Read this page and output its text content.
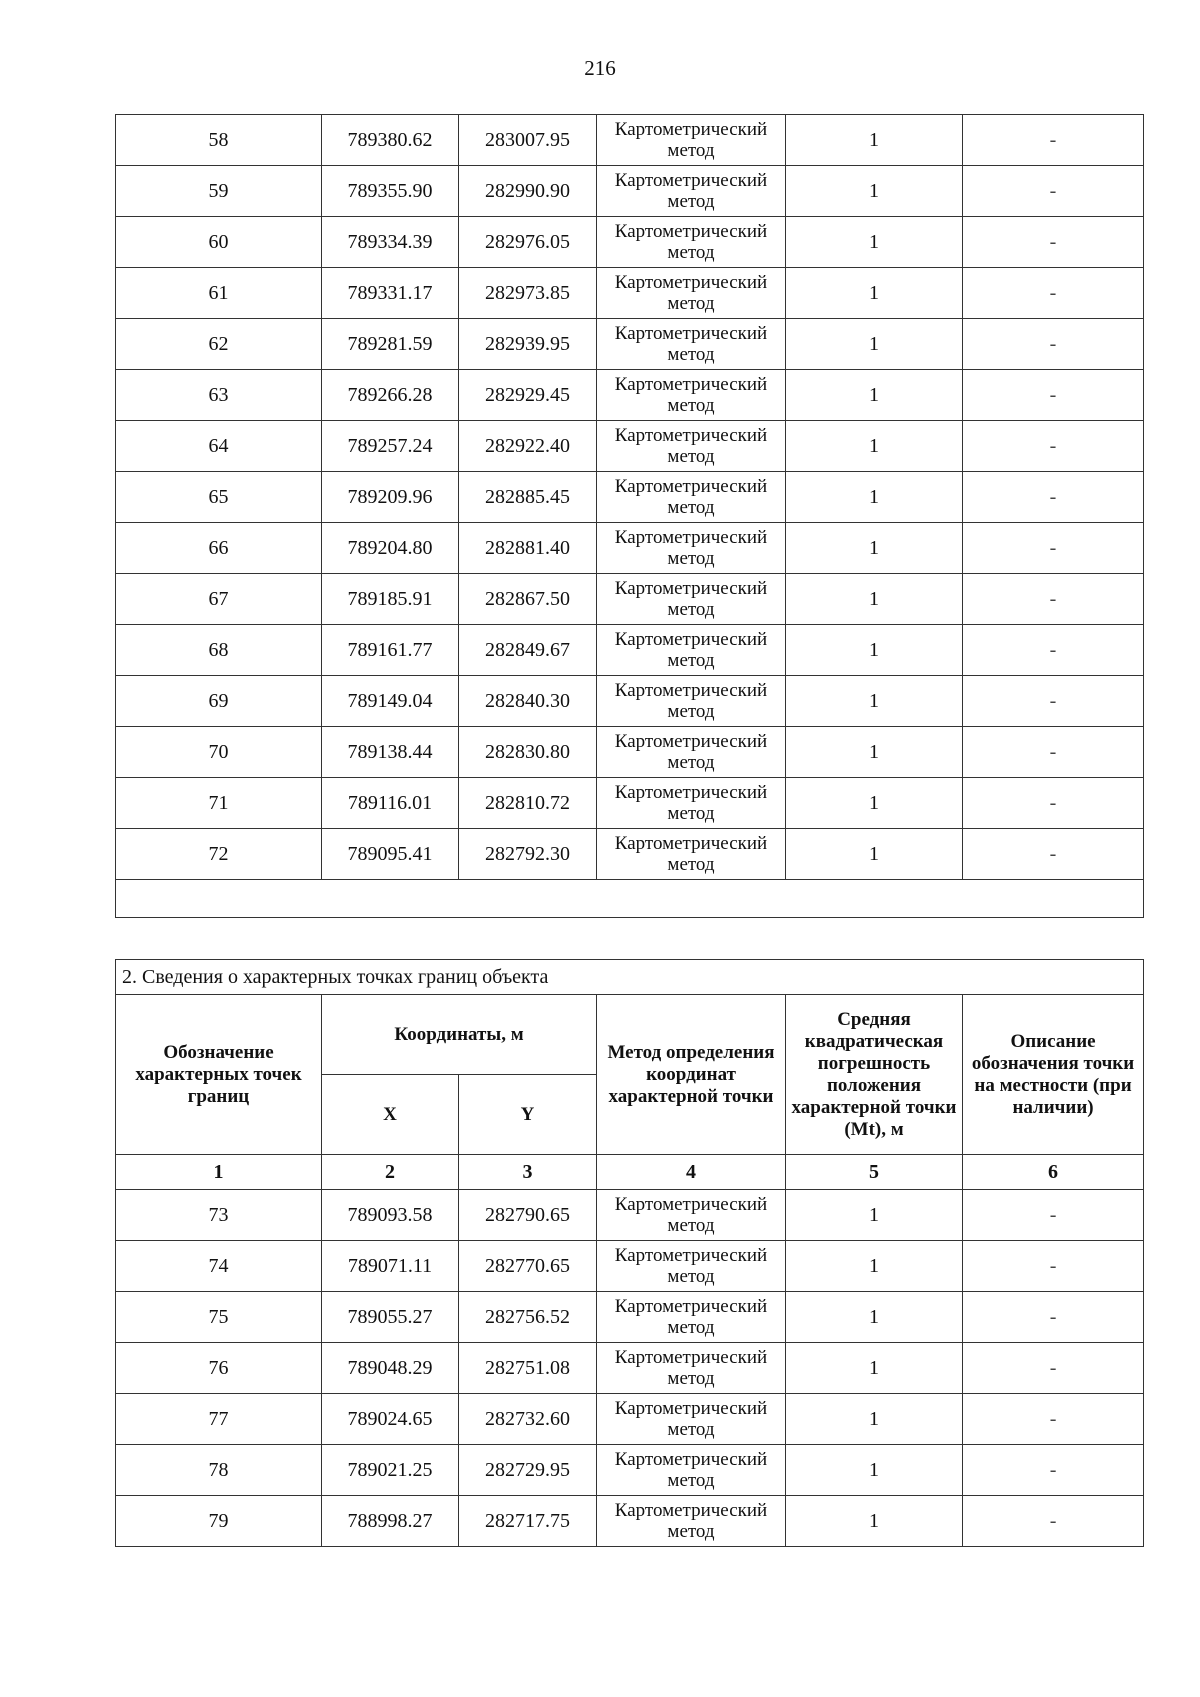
216
58	789380.62	283007.95	Картометрический метод	1	-
59	789355.90	282990.90	Картометрический метод	1	-
60	789334.39	282976.05	Картометрический метод	1	-
61	789331.17	282973.85	Картометрический метод	1	-
62	789281.59	282939.95	Картометрический метод	1	-
63	789266.28	282929.45	Картометрический метод	1	-
64	789257.24	282922.40	Картометрический метод	1	-
65	789209.96	282885.45	Картометрический метод	1	-
66	789204.80	282881.40	Картометрический метод	1	-
67	789185.91	282867.50	Картометрический метод	1	-
68	789161.77	282849.67	Картометрический метод	1	-
69	789149.04	282840.30	Картометрический метод	1	-
70	789138.44	282830.80	Картометрический метод	1	-
71	789116.01	282810.72	Картометрический метод	1	-
72	789095.41	282792.30	Картометрический метод	1	-

2. Сведения о характерных точках границ объекта					
Обозначение характерных точек границ	Координаты, м		Метод определения координат характерной точки	Средняя квадратическая погрешность положения характерной точки (Mt), м	Описание обозначения точки на местности (при наличии)
	X	Y			
1	2	3	4	5	6
73	789093.58	282790.65	Картометрический метод	1	-
74	789071.11	282770.65	Картометрический метод	1	-
75	789055.27	282756.52	Картометрический метод	1	-
76	789048.29	282751.08	Картометрический метод	1	-
77	789024.65	282732.60	Картометрический метод	1	-
78	789021.25	282729.95	Картометрический метод	1	-
79	788998.27	282717.75	Картометрический метод	1	-
